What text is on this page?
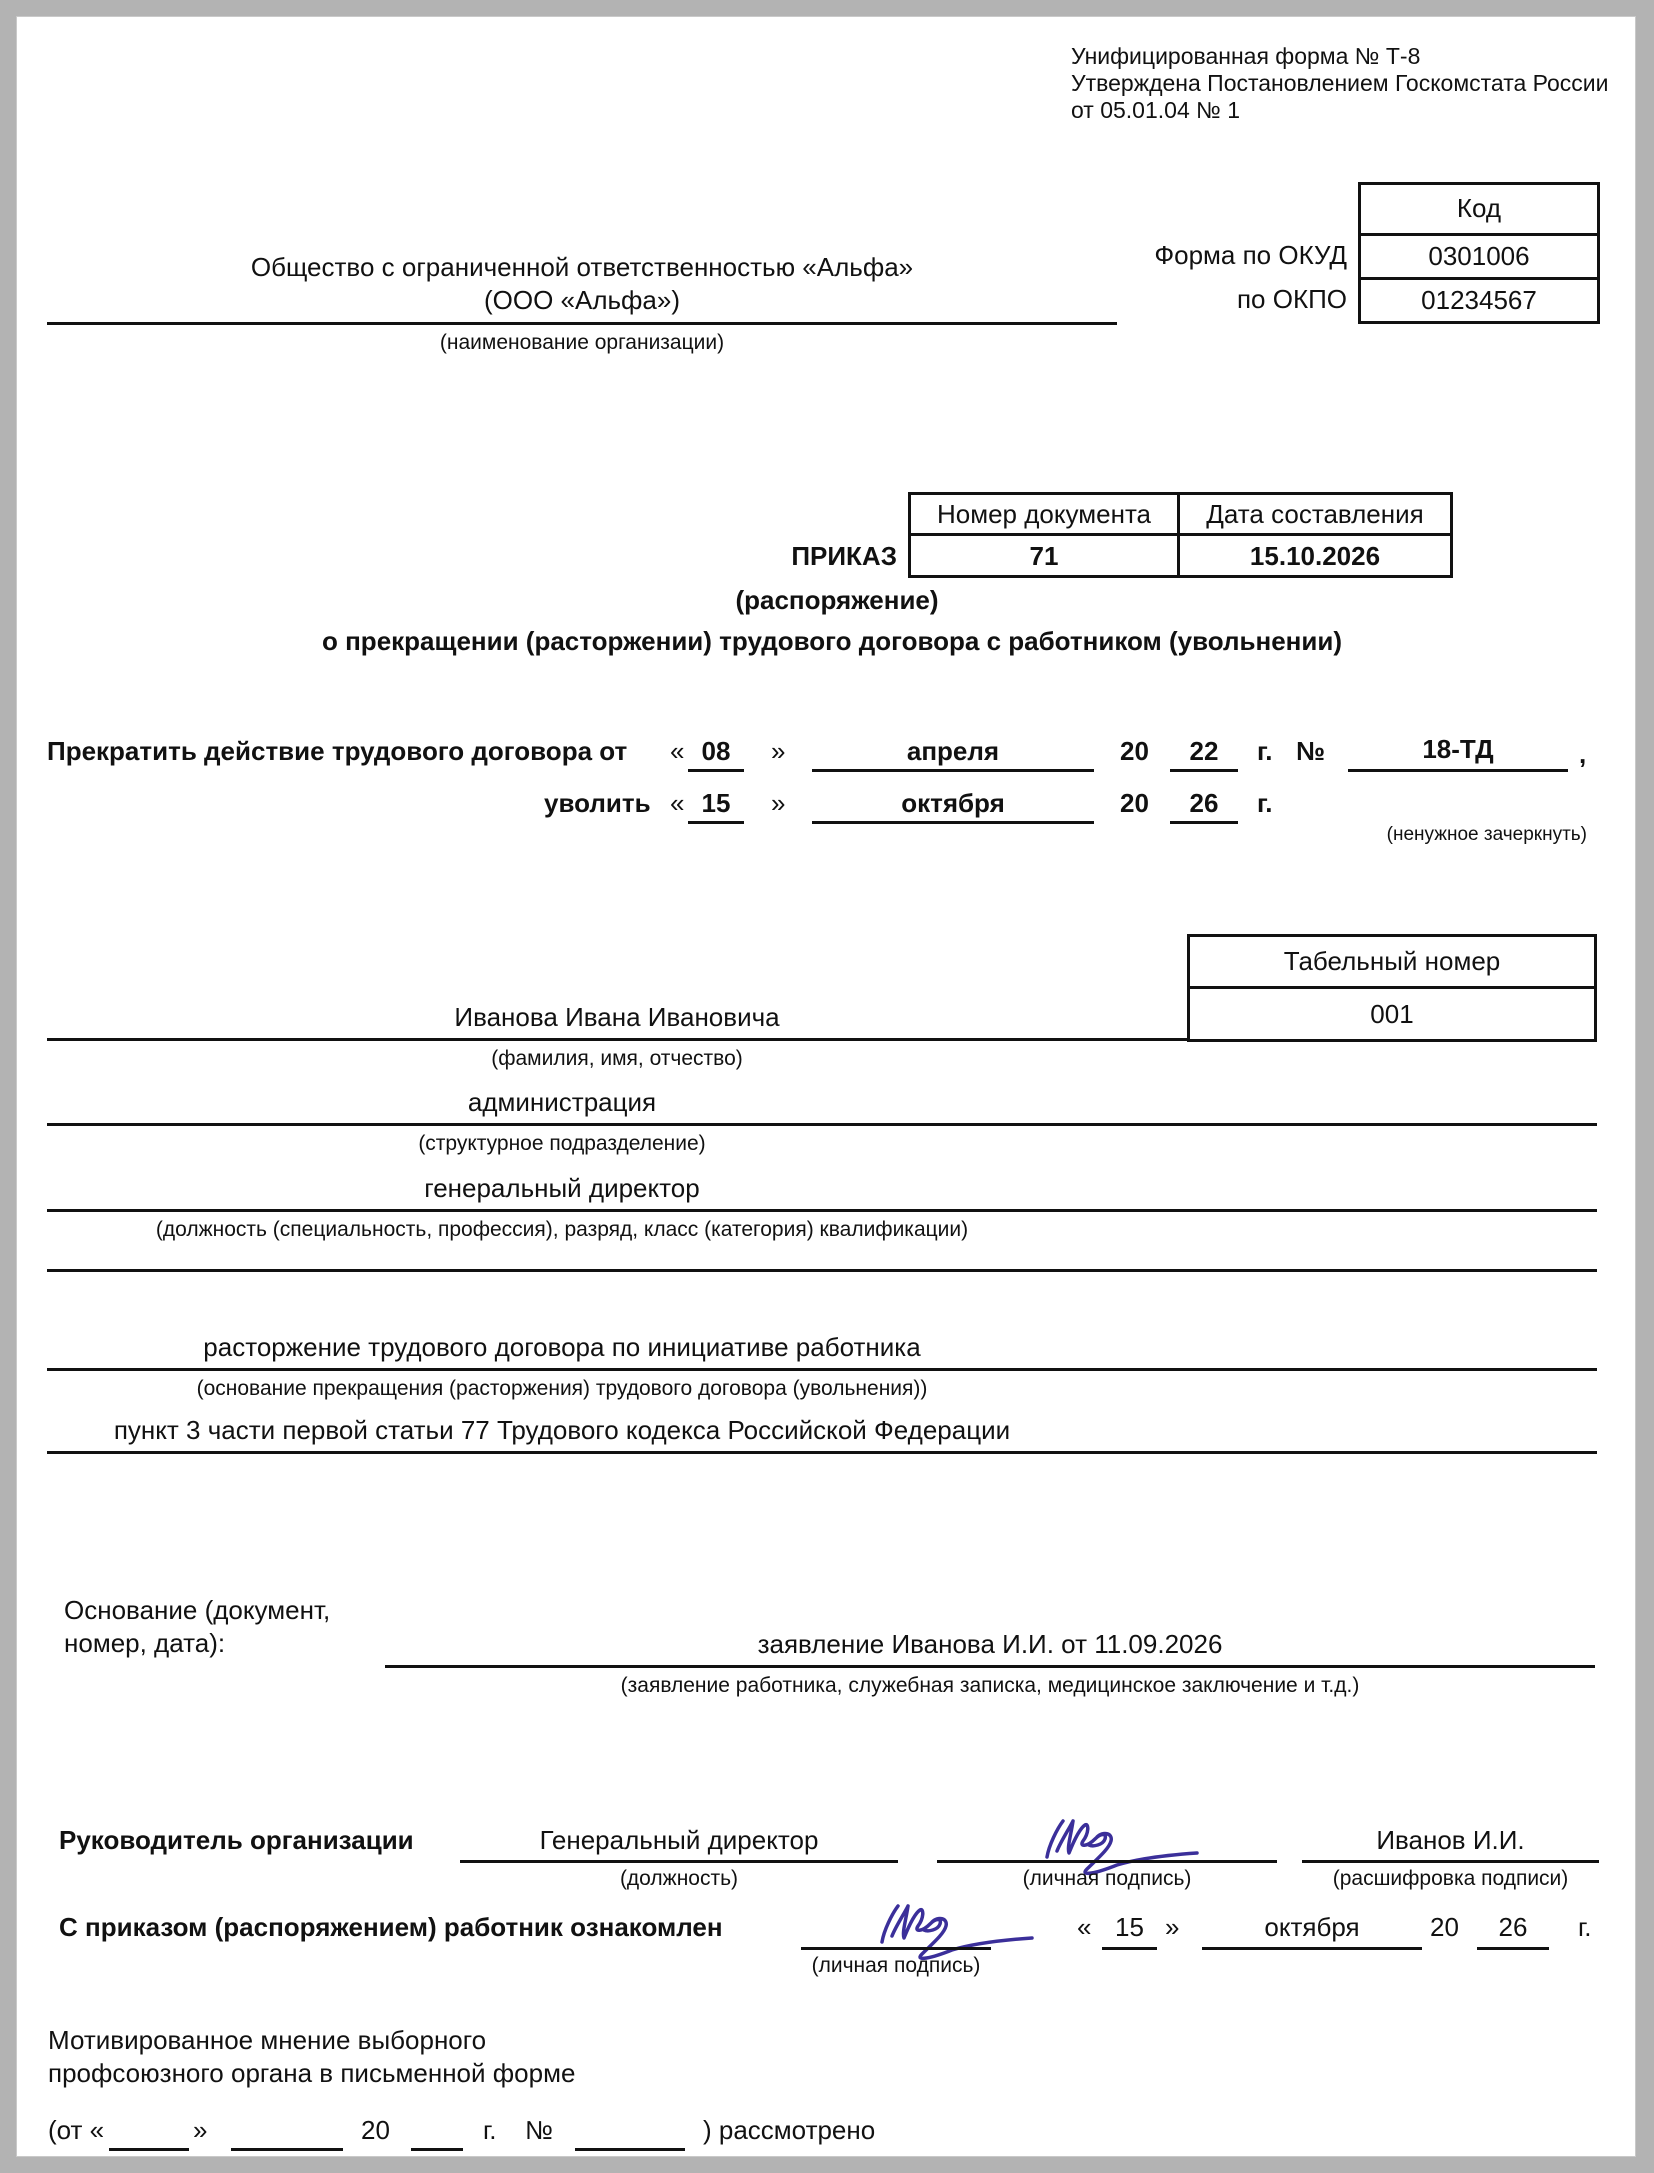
Унифицированная форма № Т-8
Утверждена Постановлением Госкомстата России
от 05.01.04 № 1
Код
0301006
01234567
Форма по ОКУД
по ОКПО
Общество с ограниченной ответственностью «Альфа»
(ООО «Альфа»)
(наименование организации)
Номер документа	Дата составления
71	15.10.2026
ПРИКАЗ
(распоряжение)
о прекращении (расторжении) трудового договора с работником (увольнении)
Прекратить действие трудового договора от « 08	»	апреля	20	22	г. №	18-ТД	,
уволить « 15	»	октября	20	26	г.
(ненужное зачеркнуть)
Табельный номер
001
Иванова Ивана Ивановича
(фамилия, имя, отчество)
администрация
(структурное подразделение)
генеральный директор
(должность (специальность, профессия), разряд, класс (категория) квалификации)
расторжение трудового договора по инициативе работника
(основание прекращения (расторжения) трудового договора (увольнения))
пункт 3 части первой статьи 77 Трудового кодекса Российской Федерации
Основание (документ,
номер, дата):	заявление Иванова И.И. от 11.09.2026
(заявление работника, служебная записка, медицинское заключение и т.д.)
Руководитель организации	Генеральный директор
(должность)	(личная подпись)
Иванов И.И.
(расшифровка подписи)
С приказом (распоряжением) работник ознакомлен
(личная подпись)
« 15 »	октября	20	26	г.
Мотивированное мнение выборного
профсоюзного органа в письменной форме
(от «	»	20	г. №	) рассмотрено
